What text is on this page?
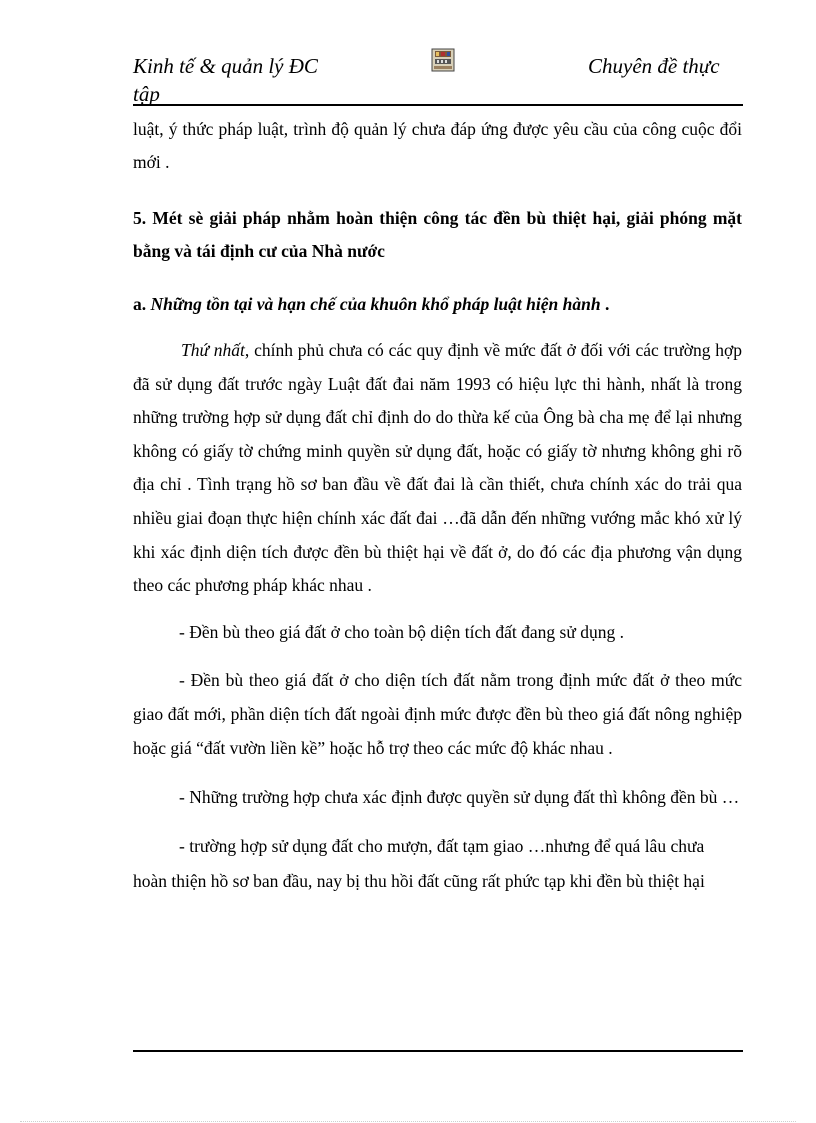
Kinh tế & quản lý ĐC tập
Chuyên đề thực

luật, ý thức pháp luật, trình độ quản lý chưa đáp ứng được yêu cầu của công cuộc đổi mới .

5. Mét sè giải pháp nhằm hoàn thiện công tác đền bù thiệt hại, giải phóng mặt bằng và tái định cư của Nhà nước

a. Những tồn tại và hạn chế của khuôn khổ pháp luật hiện hành .

Thứ nhất, chính phủ chưa có các quy định về mức đất ở đối với các trường hợp đã sử dụng đất trước ngày Luật đất đai năm 1993 có hiệu lực thi hành, nhất là trong những trường hợp sử dụng đất chỉ định do do thừa kế của Ông bà cha mẹ để lại nhưng không có giấy tờ chứng minh quyền sử dụng đất, hoặc có giấy tờ nhưng không ghi rõ địa chỉ . Tình trạng hồ sơ ban đầu về đất đai là cần thiết, chưa chính xác do trải qua nhiều giai đoạn thực hiện chính xác đất đai …đã dẫn đến những vướng mắc khó xử lý khi xác định diện tích được đền bù thiệt hại về đất ở, do đó các địa phương vận dụng theo các phương pháp khác nhau .

- Đền bù theo giá đất ở cho toàn bộ diện tích đất đang sử dụng .

- Đền bù theo giá đất ở cho diện tích đất nằm trong định mức đất ở theo mức giao đất mới, phần diện tích đất ngoài định mức được đền bù theo giá đất nông nghiệp hoặc giá “đất vườn liền kề” hoặc hỗ trợ theo các mức độ khác nhau .

- Những trường hợp chưa xác định được quyền sử dụng đất thì không đền bù …

- trường hợp sử dụng đất cho mượn, đất tạm giao …nhưng để quá lâu chưa hoàn thiện hồ sơ ban đầu, nay bị thu hồi đất cũng rất phức tạp khi đền bù thiệt hại
